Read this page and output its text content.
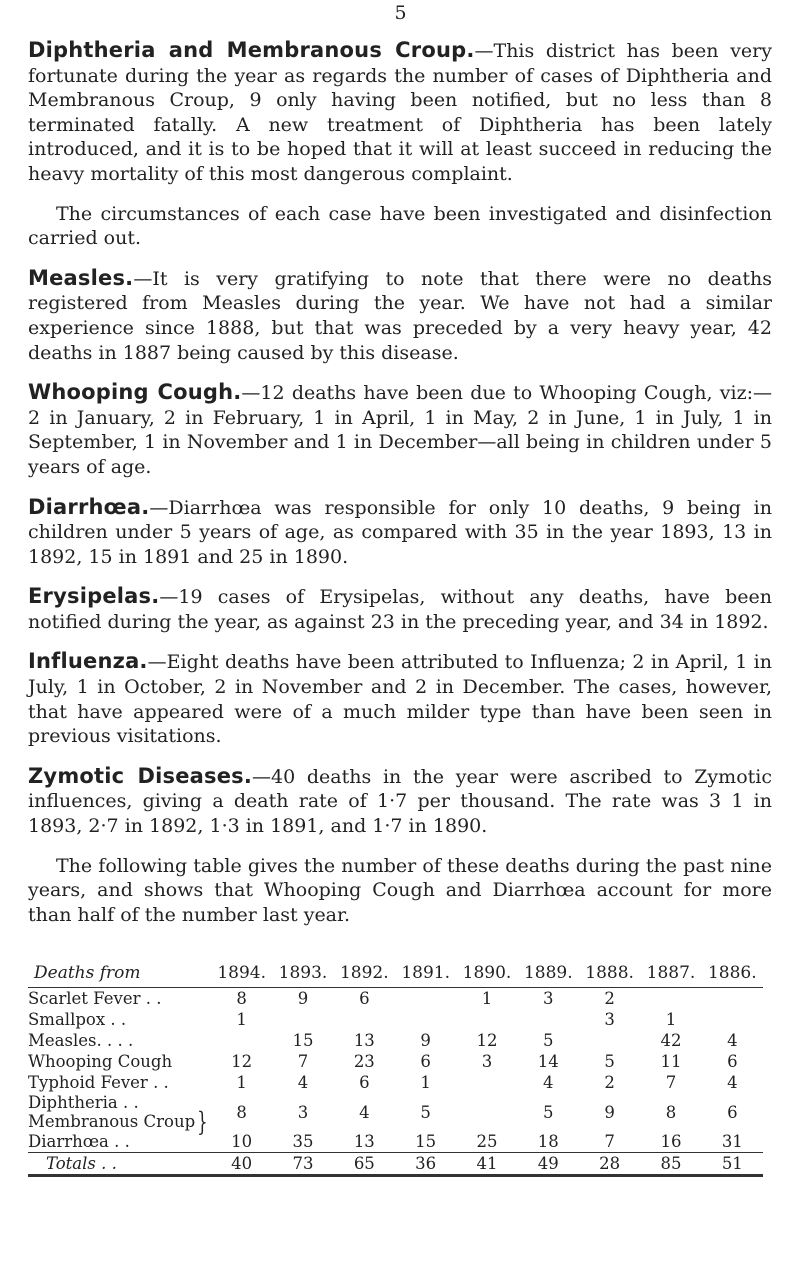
5

Diphtheria and Membranous Croup.—This district has been very fortunate during the year as regards the number of cases of Diphtheria and Membranous Croup, 9 only having been notified, but no less than 8 terminated fatally. A new treatment of Diphtheria has been lately introduced, and it is to be hoped that it will at least succeed in reducing the heavy mortality of this most dangerous complaint.

The circumstances of each case have been investigated and disinfection carried out.

Measles.—It is very gratifying to note that there were no deaths registered from Measles during the year. We have not had a similar experience since 1888, but that was preceded by a very heavy year, 42 deaths in 1887 being caused by this disease.

Whooping Cough.—12 deaths have been due to Whooping Cough, viz:—2 in January, 2 in February, 1 in April, 1 in May, 2 in June, 1 in July, 1 in September, 1 in November and 1 in December—all being in children under 5 years of age.

Diarrhœa.—Diarrhœa was responsible for only 10 deaths, 9 being in children under 5 years of age, as compared with 35 in the year 1893, 13 in 1892, 15 in 1891 and 25 in 1890.

Erysipelas.—19 cases of Erysipelas, without any deaths, have been notified during the year, as against 23 in the preceding year, and 34 in 1892.

Influenza.—Eight deaths have been attributed to Influenza; 2 in April, 1 in July, 1 in October, 2 in November and 2 in December. The cases, however, that have appeared were of a much milder type than have been seen in previous visitations.

Zymotic Diseases.—40 deaths in the year were ascribed to Zymotic influences, giving a death rate of 1·7 per thousand. The rate was 3 1 in 1893, 2·7 in 1892, 1·3 in 1891, and 1·7 in 1890.

The following table gives the number of these deaths during the past nine years, and shows that Whooping Cough and Diarrhœa account for more than half of the number last year.

Deaths from	1894.	1893.	1892.	1891.	1890.	1889.	1888.	1887.	1886.
Scarlet Fever . .	8	9	6		1	3	2		
Smallpox . .	1						3	1	
Measles. . . .		15	13	9	12	5		42	4
Whooping Cough	12	7	23	6	3	14	5	11	6
Typhoid Fever . .	1	4	6	1		4	2	7	4
Diphtheria . .
Membranous Croup }	8	3	4	5		5	9	8	6
Diarrhœa . .	10	35	13	15	25	18	7	16	31
Totals . .	40	73	65	36	41	49	28	85	51
